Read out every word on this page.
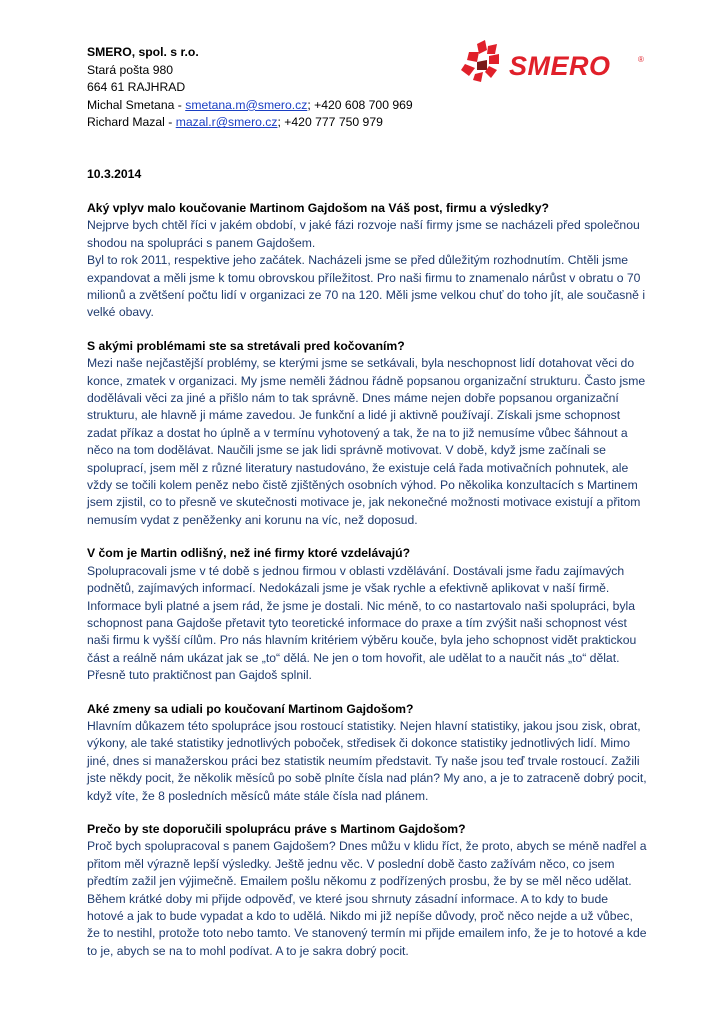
SMERO	®
SMERO, spol. s r.o.
Stará pošta 980
664 61 RAJHRAD
Michal Smetana - smetana.m@smero.cz; +420 608 700 969
Richard Mazal - mazal.r@smero.cz; +420 777 750 979
10.3.2014
Aký vplyv malo koučovanie Martinom Gajdošom na Váš post, firmu a výsledky?

Nejprve bych chtěl říci v jakém období, v jaké fázi rozvoje naší firmy jsme se nacházeli před společnou shodou na spolupráci s panem Gajdošem.

Byl to rok 2011, respektive jeho začátek. Nacházeli jsme se před důležitým rozhodnutím. Chtěli jsme expandovat a měli jsme k tomu obrovskou příležitost. Pro naši firmu to znamenalo nárůst v obratu o 70 milionů a zvětšení počtu lidí v organizaci ze 70 na 120. Měli jsme velkou chuť do toho jít, ale současně i velké obavy.

S akými problémami ste sa stretávali pred kočovaním?

Mezi naše nejčastější problémy, se kterými jsme se setkávali, byla neschopnost lidí dotahovat věci do konce, zmatek v organizaci. My jsme neměli žádnou řádně popsanou organizační strukturu. Často jsme dodělávali věci za jiné a přišlo nám to tak správně. Dnes máme nejen dobře popsanou organizační strukturu, ale hlavně ji máme zavedou. Je funkční a lidé ji aktivně používají. Získali jsme schopnost zadat příkaz a dostat ho úplně a v termínu vyhotovený a tak, že na to již nemusíme vůbec šáhnout a něco na tom dodělávat. Naučili jsme se jak lidi správně motivovat. V době, když jsme začínali se spoluprací, jsem měl z různé literatury nastudováno, že existuje celá řada motivačních pohnutek, ale vždy se točili kolem peněz nebo čistě zjištěných osobních výhod. Po několika konzultacích s Martinem jsem zjistil, co to přesně ve skutečnosti motivace je, jak nekonečné možnosti motivace existují a přitom nemusím vydat z peněženky ani korunu na víc, než doposud.

V čom je Martin odlišný, než iné firmy ktoré vzdelávajú?

Spolupracovali jsme v té době s jednou firmou v oblasti vzdělávání. Dostávali jsme řadu zajímavých podnětů, zajímavých informací. Nedokázali jsme je však rychle a efektivně aplikovat v naší firmě. Informace byli platné a jsem rád, že jsme je dostali. Nic méně, to co nastartovalo naši spolupráci, byla schopnost pana Gajdoše přetavit tyto teoretické informace do praxe a tím zvýšit naši schopnost vést naši firmu k vyšší cílům. Pro nás hlavním kritériem výběru kouče, byla jeho schopnost vidět praktickou část a reálně nám ukázat jak se „to“ dělá. Ne jen o tom hovořit, ale udělat to a naučit nás „to“ dělat. Přesně tuto praktičnost pan Gajdoš splnil.

Aké zmeny sa udiali po koučovaní Martinom Gajdošom?

Hlavním důkazem této spolupráce jsou rostoucí statistiky. Nejen hlavní statistiky, jakou jsou zisk, obrat, výkony, ale také statistiky jednotlivých poboček, středisek či dokonce statistiky jednotlivých lidí. Mimo jiné, dnes si manažerskou práci bez statistik neumím představit. Ty naše jsou teď trvale rostoucí. Zažili jste někdy pocit, že několik měsíců po sobě plníte čísla nad plán? My ano, a je to zatraceně dobrý pocit, když víte, že 8 posledních měsíců máte stále čísla nad plánem.

Prečo by ste doporučili spoluprácu práve s Martinom Gajdošom?

Proč bych spolupracoval s panem Gajdošem? Dnes můžu v klidu říct, že proto, abych se méně nadřel a přitom měl výrazně lepší výsledky. Ještě jednu věc. V poslední době často zažívám něco, co jsem předtím zažil jen výjimečně. Emailem pošlu někomu z podřízených prosbu, že by se měl něco udělat. Během krátké doby mi přijde odpověď, ve které jsou shrnuty zásadní informace. A to kdy to bude hotové a jak to bude vypadat a kdo to udělá. Nikdo mi již nepíše důvody, proč něco nejde a už vůbec, že to nestihl, protože toto nebo tamto. Ve stanovený termín mi přijde emailem info, že je to hotové a kde to je, abych se na to mohl podívat. A to je sakra dobrý pocit.
